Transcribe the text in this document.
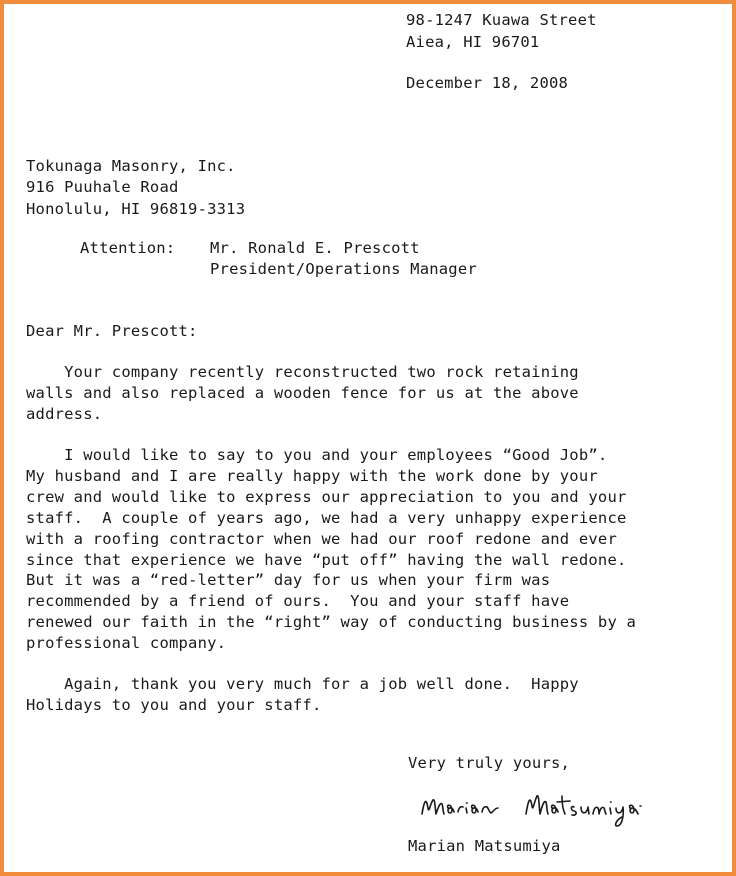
98-1247 Kuawa Street
Aiea, HI 96701
December 18, 2008
Tokunaga Masonry, Inc.
916 Puuhale Road
Honolulu, HI 96819-3313
Attention: Mr. Ronald E. Prescott
President/Operations Manager
Dear Mr. Prescott:
Your company recently reconstructed two rock retaining
walls and also replaced a wooden fence for us at the above
address.
I would like to say to you and your employees “Good Job”.
My husband and I are really happy with the work done by your
crew and would like to express our appreciation to you and your
staff.  A couple of years ago, we had a very unhappy experience
with a roofing contractor when we had our roof redone and ever
since that experience we have “put off” having the wall redone.
But it was a “red-letter” day for us when your firm was
recommended by a friend of ours.  You and your staff have
renewed our faith in the “right” way of conducting business by a
professional company.
Again, thank you very much for a job well done.  Happy
Holidays to you and your staff.
Very truly yours,
Marian Matsumiya
Marian Matsumiya
